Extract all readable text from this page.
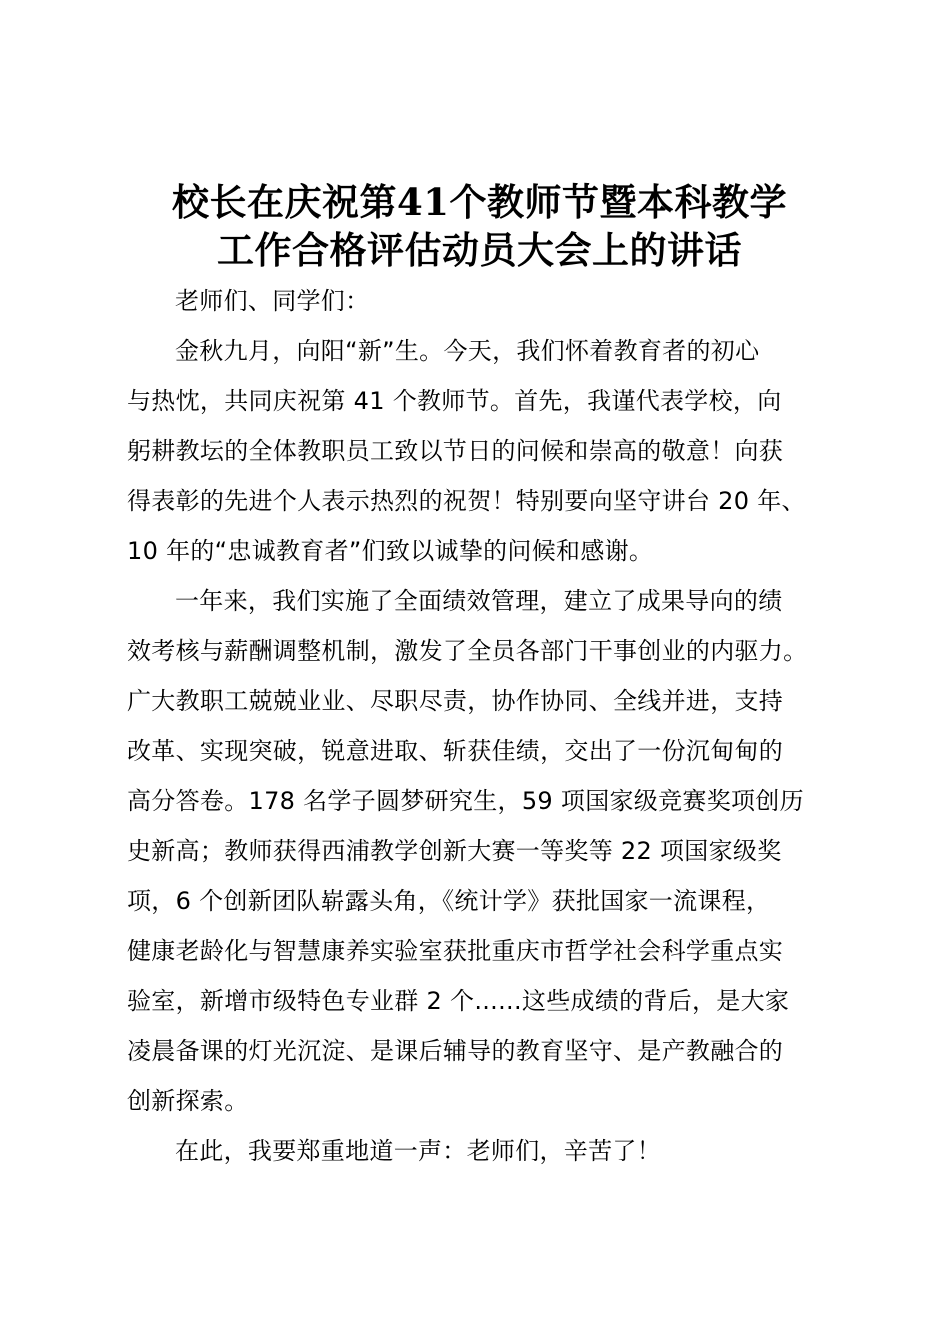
校长在庆祝第41个教师节暨本科教学
工作合格评估动员大会上的讲话

老师们、同学们：

金秋九月，向阳“新”生。今天，我们怀着教育者的初心
与热忱，共同庆祝第 41 个教师节。首先，我谨代表学校，向
躬耕教坛的全体教职员工致以节日的问候和崇高的敬意！向获
得表彰的先进个人表示热烈的祝贺！特别要向坚守讲台 20 年、
10 年的“忠诚教育者”们致以诚挚的问候和感谢。

一年来，我们实施了全面绩效管理，建立了成果导向的绩
效考核与薪酬调整机制，激发了全员各部门干事创业的内驱力。
广大教职工兢兢业业、尽职尽责，协作协同、全线并进，支持
改革、实现突破，锐意进取、斩获佳绩，交出了一份沉甸甸的
高分答卷。178 名学子圆梦研究生，59 项国家级竞赛奖项创历
史新高；教师获得西浦教学创新大赛一等奖等 22 项国家级奖
项，6 个创新团队崭露头角，《统计学》获批国家一流课程，
健康老龄化与智慧康养实验室获批重庆市哲学社会科学重点实
验室，新增市级特色专业群 2 个......这些成绩的背后，是大家
凌晨备课的灯光沉淀、是课后辅导的教育坚守、是产教融合的
创新探索。

在此，我要郑重地道一声：老师们，辛苦了！
